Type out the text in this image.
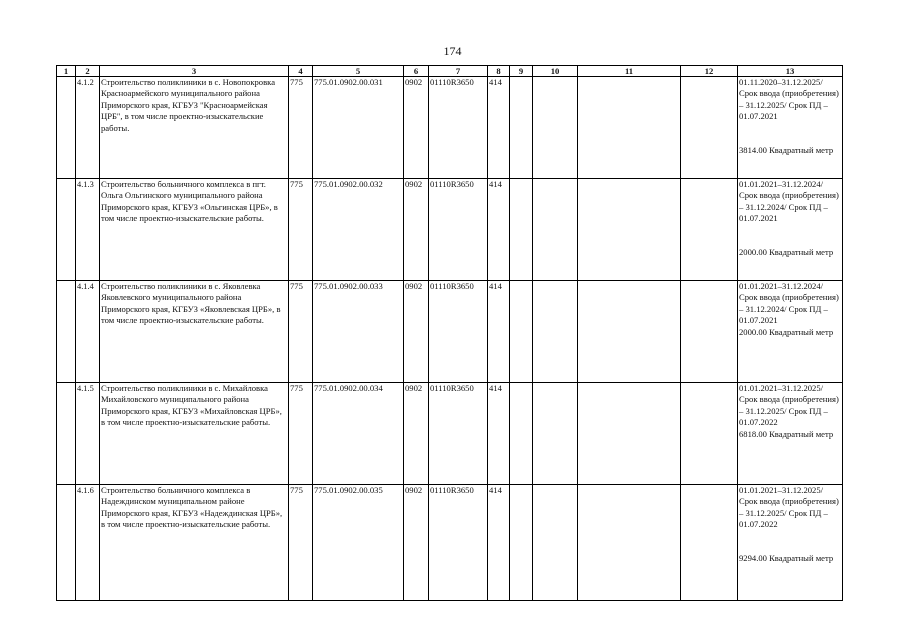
174
1	2	3	4	5	6	7	8	9	10	11	12	13
	4.1.2	Строительство поликлиники в с. Новопокровка Красноармейского муниципального района Приморского края, КГБУЗ "Красноармейская ЦРБ", в том числе проектно-изыскательские работы.	775	775.01.0902.00.031	0902	01110R3650	414					01.11.2020–31.12.2025/ Срок ввода (приобретения) – 31.12.2025/ Срок ПД – 01.07.2021
3814.00 Квадратный метр

	4.1.3	Строительство больничного комплекса в пгт. Ольга Ольгинского муниципального района Приморского края, КГБУЗ «Ольгинская ЦРБ», в том числе проектно-изыскательские работы.	775	775.01.0902.00.032	0902	01110R3650	414					01.01.2021–31.12.2024/ Срок ввода (приобретения) – 31.12.2024/ Срок ПД – 01.07.2021
2000.00 Квадратный метр

	4.1.4	Строительство поликлиники в с. Яковлевка Яковлевского муниципального района Приморского края, КГБУЗ «Яковлевская ЦРБ», в том числе проектно-изыскательские работы.	775	775.01.0902.00.033	0902	01110R3650	414					01.01.2021–31.12.2024/ Срок ввода (приобретения) – 31.12.2024/ Срок ПД – 01.07.2021
2000.00 Квадратный метр

	4.1.5	Строительство поликлиники в с. Михайловка Михайловского муниципального района Приморского края, КГБУЗ «Михайловская ЦРБ», в том числе проектно-изыскательские работы.	775	775.01.0902.00.034	0902	01110R3650	414					01.01.2021–31.12.2025/ Срок ввода (приобретения) – 31.12.2025/ Срок ПД – 01.07.2022
6818.00 Квадратный метр

	4.1.6	Строительство больничного комплекса в Надеждинском муниципальном районе Приморского края, КГБУЗ «Надеждинская ЦРБ», в том числе проектно-изыскательские работы.	775	775.01.0902.00.035	0902	01110R3650	414					01.01.2021–31.12.2025/ Срок ввода (приобретения) – 31.12.2025/ Срок ПД – 01.07.2022
9294.00 Квадратный метр
